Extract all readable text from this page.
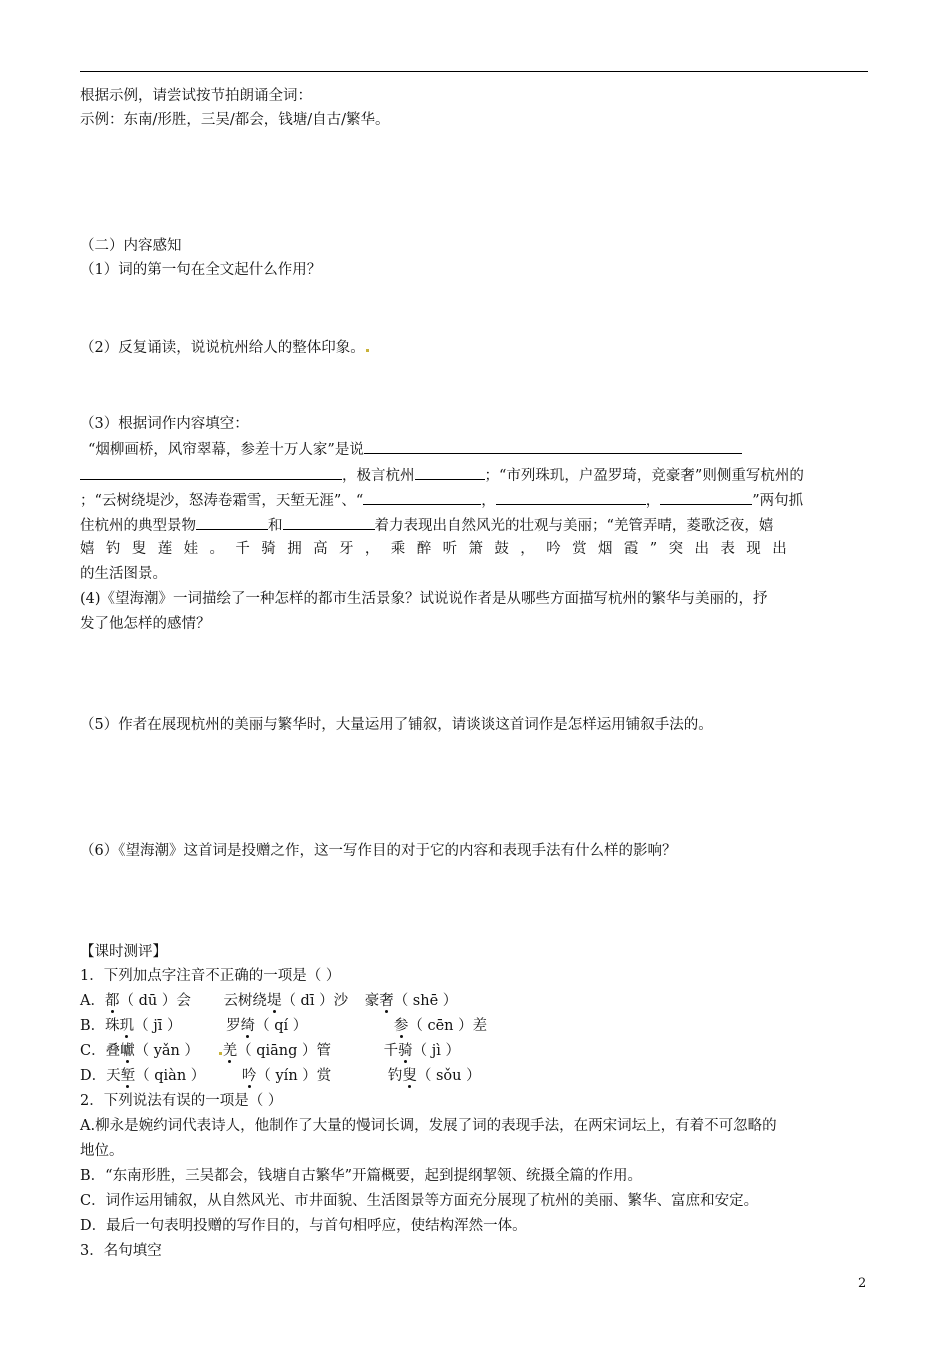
根据示例，请尝试按节拍朗诵全词：
示例：东南/形胜，三吴/都会，钱塘/自古/繁华。
（二）内容感知
（1）词的第一句在全文起什么作用？
（2）反复诵读，说说杭州给人的整体印象。
（3）根据词作内容填空：
“烟柳画桥，风帘翠幕，参差十万人家”是说
，极言杭州	；“市列珠玑，户盈罗琦，竞豪奢”则侧重写杭州的
；“云树绕堤沙，怒涛卷霜雪，天堑无涯”、“	，	，	”两句抓
住杭州的典型景物	和	着力表现出自然风光的壮观与美丽；“羌管弄晴，菱歌泛夜，嬉
嬉钓叟莲娃。千骑拥高牙，乘醉听箫鼓，吟赏烟霞”突出表现出
的生活图景。
(4)《望海潮》一词描绘了一种怎样的都市生活景象？试说说作者是从哪些方面描写杭州的繁华与美丽的，抒
发了他怎样的感情？
（5）作者在展现杭州的美丽与繁华时，大量运用了铺叙，请谈谈这首词作是怎样运用铺叙手法的。
（6）《望海潮》这首词是投赠之作，这一写作目的对于它的内容和表现手法有什么样的影响？
【课时测评】
1．下列加点字注音不正确的一项是（ ）
A．都（ dū ）会 云树绕堤（ dī ）沙 豪奢（ shē ）
B．珠玑（ jī ）	罗绮（ qí ）	参（ cēn ）差
C．叠巘（ yǎn ） 羌（ qiāng ）管	千骑（ jì ）
D．天堑（ qiàn ）	吟（ yín ）赏	钓叟（ sǒu ）
2．下列说法有误的一项是（ ）
A.柳永是婉约词代表诗人，他制作了大量的慢词长调，发展了词的表现手法，在两宋词坛上，有着不可忽略的
地位。
B．“东南形胜，三吴都会，钱塘自古繁华”开篇概要，起到提纲挈领、统摄全篇的作用。
C．词作运用铺叙，从自然风光、市井面貌、生活图景等方面充分展现了杭州的美丽、繁华、富庶和安定。
D．最后一句表明投赠的写作目的，与首句相呼应，使结构浑然一体。
3．名句填空
2
